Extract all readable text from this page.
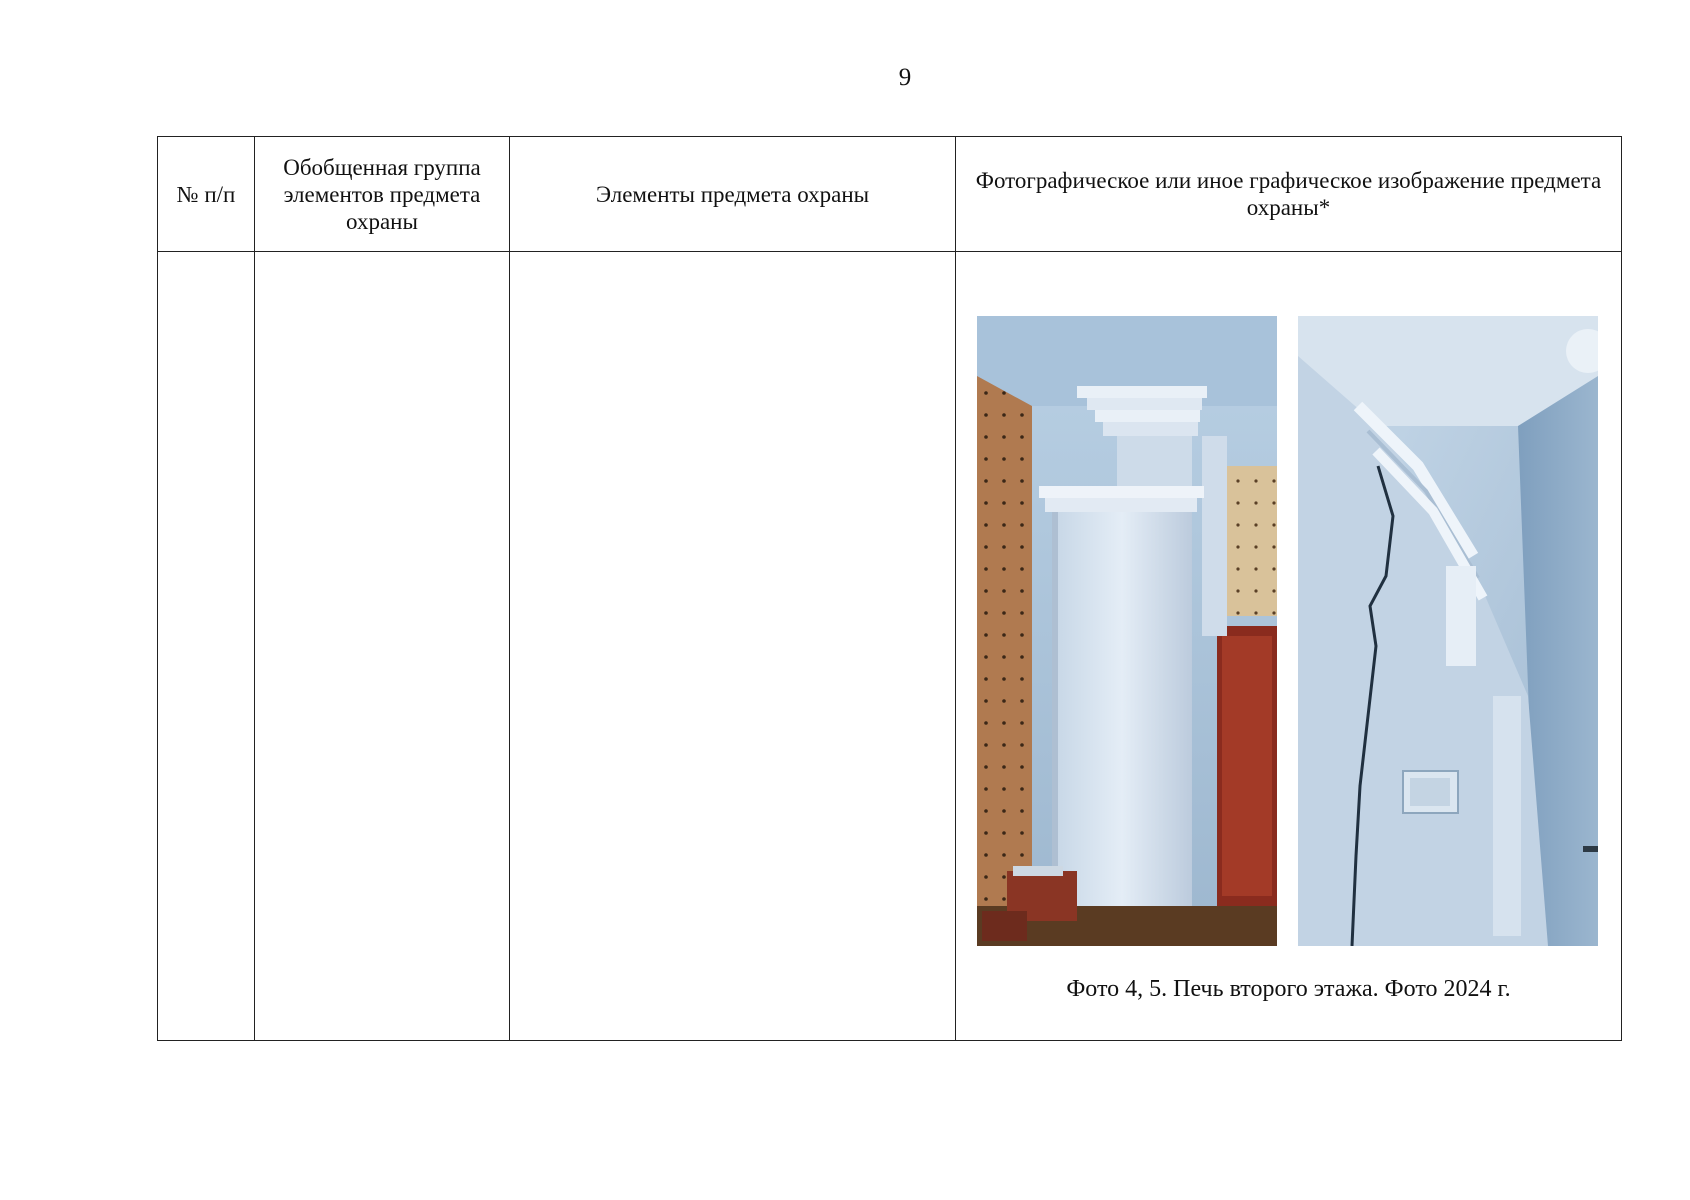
9
№ п/п	Обобщенная группа элементов предмета охраны	Элементы предмета охраны	Фотографическое или иное графическое изображение предмета охраны*

			Фото 4, 5. Печь второго этажа. Фото 2024 г.
